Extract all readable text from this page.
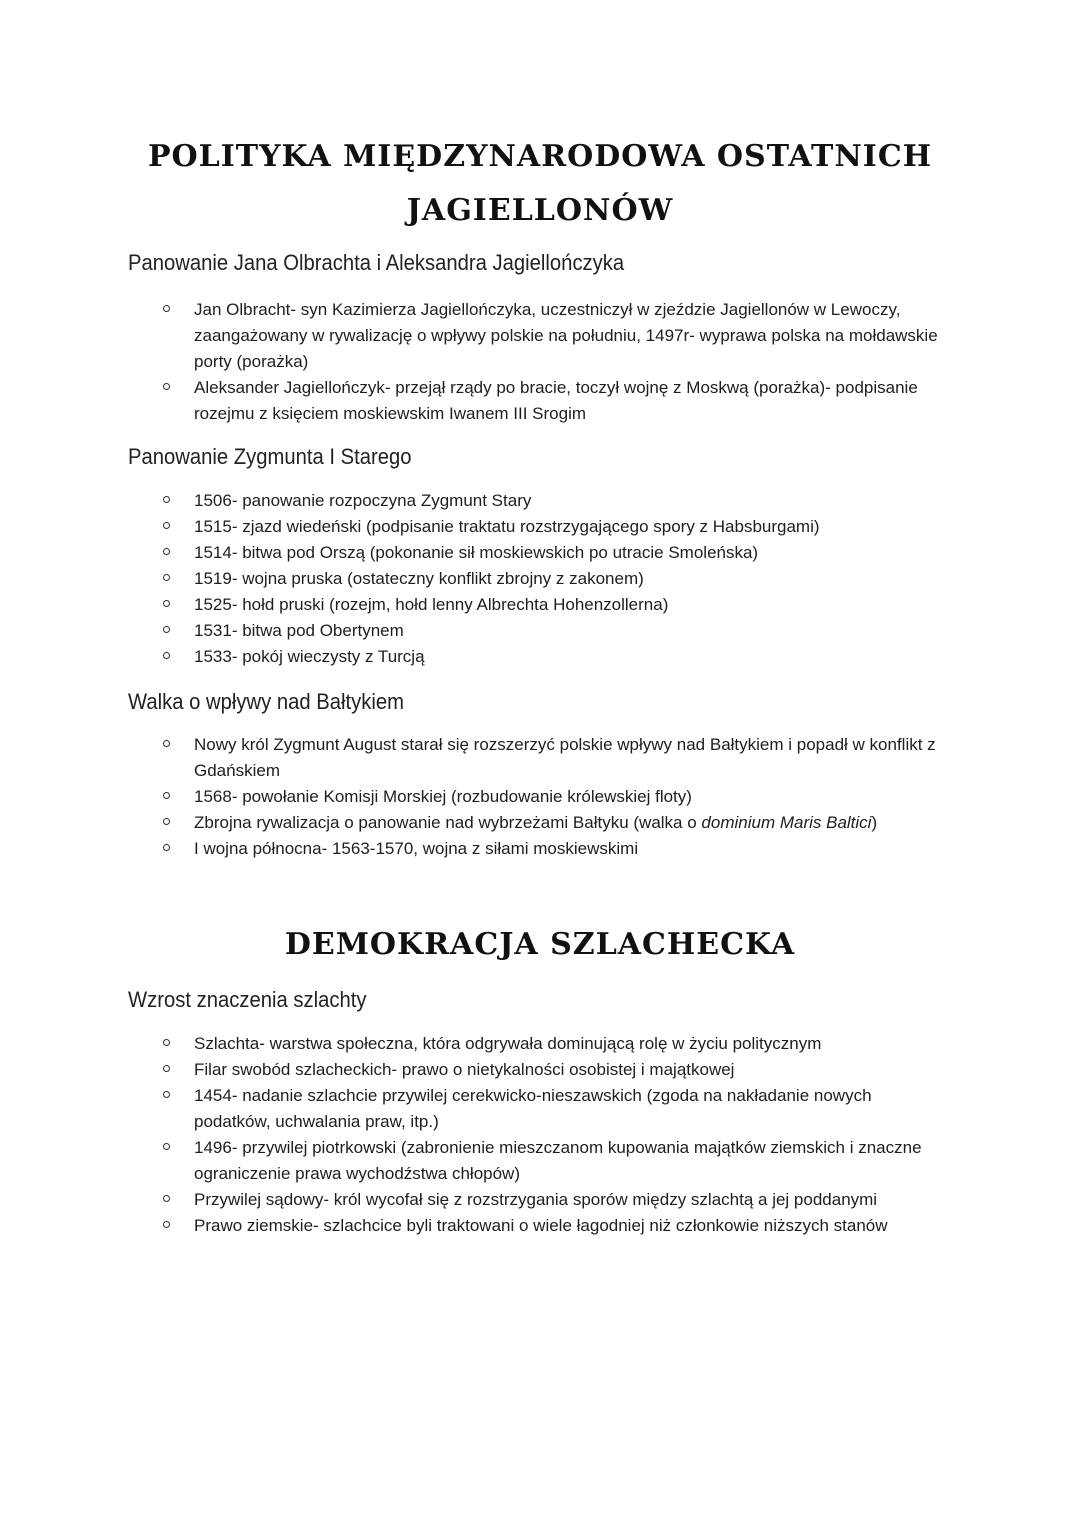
POLITYKA MIĘDZYNARODOWA OSTATNICH JAGIELLONÓW
Panowanie Jana Olbrachta i Aleksandra Jagiellończyka
Jan Olbracht- syn Kazimierza Jagiellończyka, uczestniczył w zjeździe Jagiellonów w Lewoczy, zaangażowany w rywalizację o wpływy polskie na południu, 1497r- wyprawa polska na mołdawskie porty (porażka)
Aleksander Jagiellończyk- przejął rządy po bracie, toczył wojnę z Moskwą (porażka)- podpisanie rozejmu z księciem moskiewskim Iwanem III Srogim
Panowanie Zygmunta I Starego
1506- panowanie rozpoczyna Zygmunt Stary
1515- zjazd wiedeński (podpisanie traktatu rozstrzygającego spory z Habsburgami)
1514- bitwa pod Orszą (pokonanie sił moskiewskich po utracie Smoleńska)
1519- wojna pruska (ostateczny konflikt zbrojny z zakonem)
1525- hołd pruski (rozejm, hołd lenny Albrechta Hohenzollerna)
1531- bitwa pod Obertynem
1533- pokój wieczysty z Turcją
Walka o wpływy nad Bałtykiem
Nowy król Zygmunt August starał się rozszerzyć polskie wpływy nad Bałtykiem i popadł w konflikt z Gdańskiem
1568- powołanie Komisji Morskiej (rozbudowanie królewskiej floty)
Zbrojna rywalizacja o panowanie nad wybrzeżami Bałtyku (walka o dominium Maris Baltici)
I wojna północna- 1563-1570, wojna z siłami moskiewskimi
DEMOKRACJA SZLACHECKA
Wzrost znaczenia szlachty
Szlachta- warstwa społeczna, która odgrywała dominującą rolę w życiu politycznym
Filar swobód szlacheckich- prawo o nietykalności osobistej i majątkowej
1454- nadanie szlachcie przywilej cerekwicko-nieszawskich (zgoda na nakładanie nowych podatków, uchwalania praw, itp.)
1496- przywilej piotrkowski (zabronienie mieszczanom kupowania majątków ziemskich i znaczne ograniczenie prawa wychodźstwa chłopów)
Przywilej sądowy- król wycofał się z rozstrzygania sporów między szlachtą a jej poddanymi
Prawo ziemskie- szlachcice byli traktowani o wiele łagodniej niż członkowie niższych stanów
